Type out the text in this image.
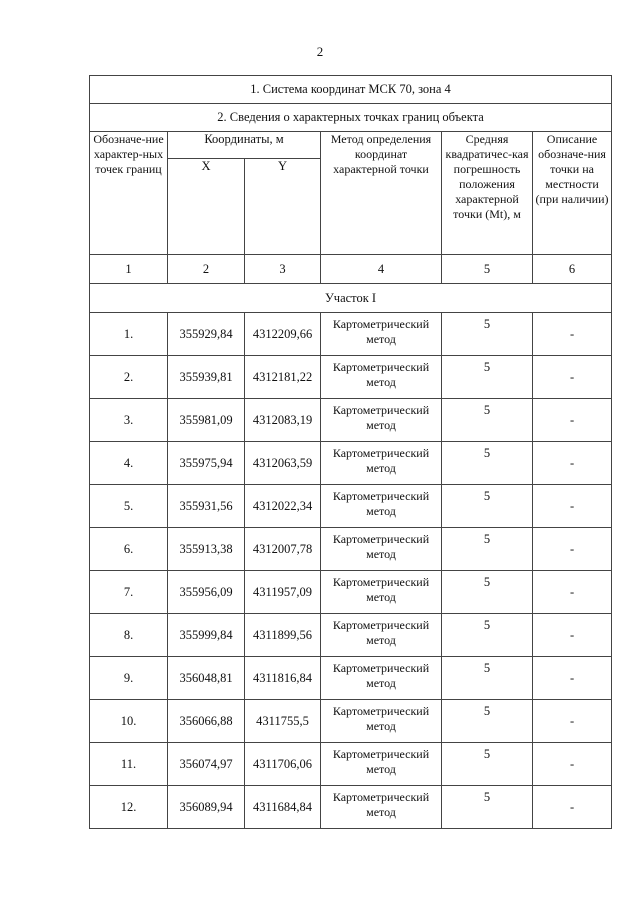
2
1. Система координат МСК 70, зона 4					
2. Сведения о характерных точках границ объекта					
Обозначе-ние характер-ных точек границ	Координаты, м		Метод определения координат характерной точки	Средняя квадратичес-кая погрешность положения характерной точки (Mt), м	Описание обозначе-ния точки на местности (при наличии)
	X	Y			
1	2	3	4	5	6
Участок I					
1.	355929,84	4312209,66	Картометрический метод	5	-
2.	355939,81	4312181,22	Картометрический метод	5	-
3.	355981,09	4312083,19	Картометрический метод	5	-
4.	355975,94	4312063,59	Картометрический метод	5	-
5.	355931,56	4312022,34	Картометрический метод	5	-
6.	355913,38	4312007,78	Картометрический метод	5	-
7.	355956,09	4311957,09	Картометрический метод	5	-
8.	355999,84	4311899,56	Картометрический метод	5	-
9.	356048,81	4311816,84	Картометрический метод	5	-
10.	356066,88	4311755,5	Картометрический метод	5	-
11.	356074,97	4311706,06	Картометрический метод	5	-
12.	356089,94	4311684,84	Картометрический метод	5	-
